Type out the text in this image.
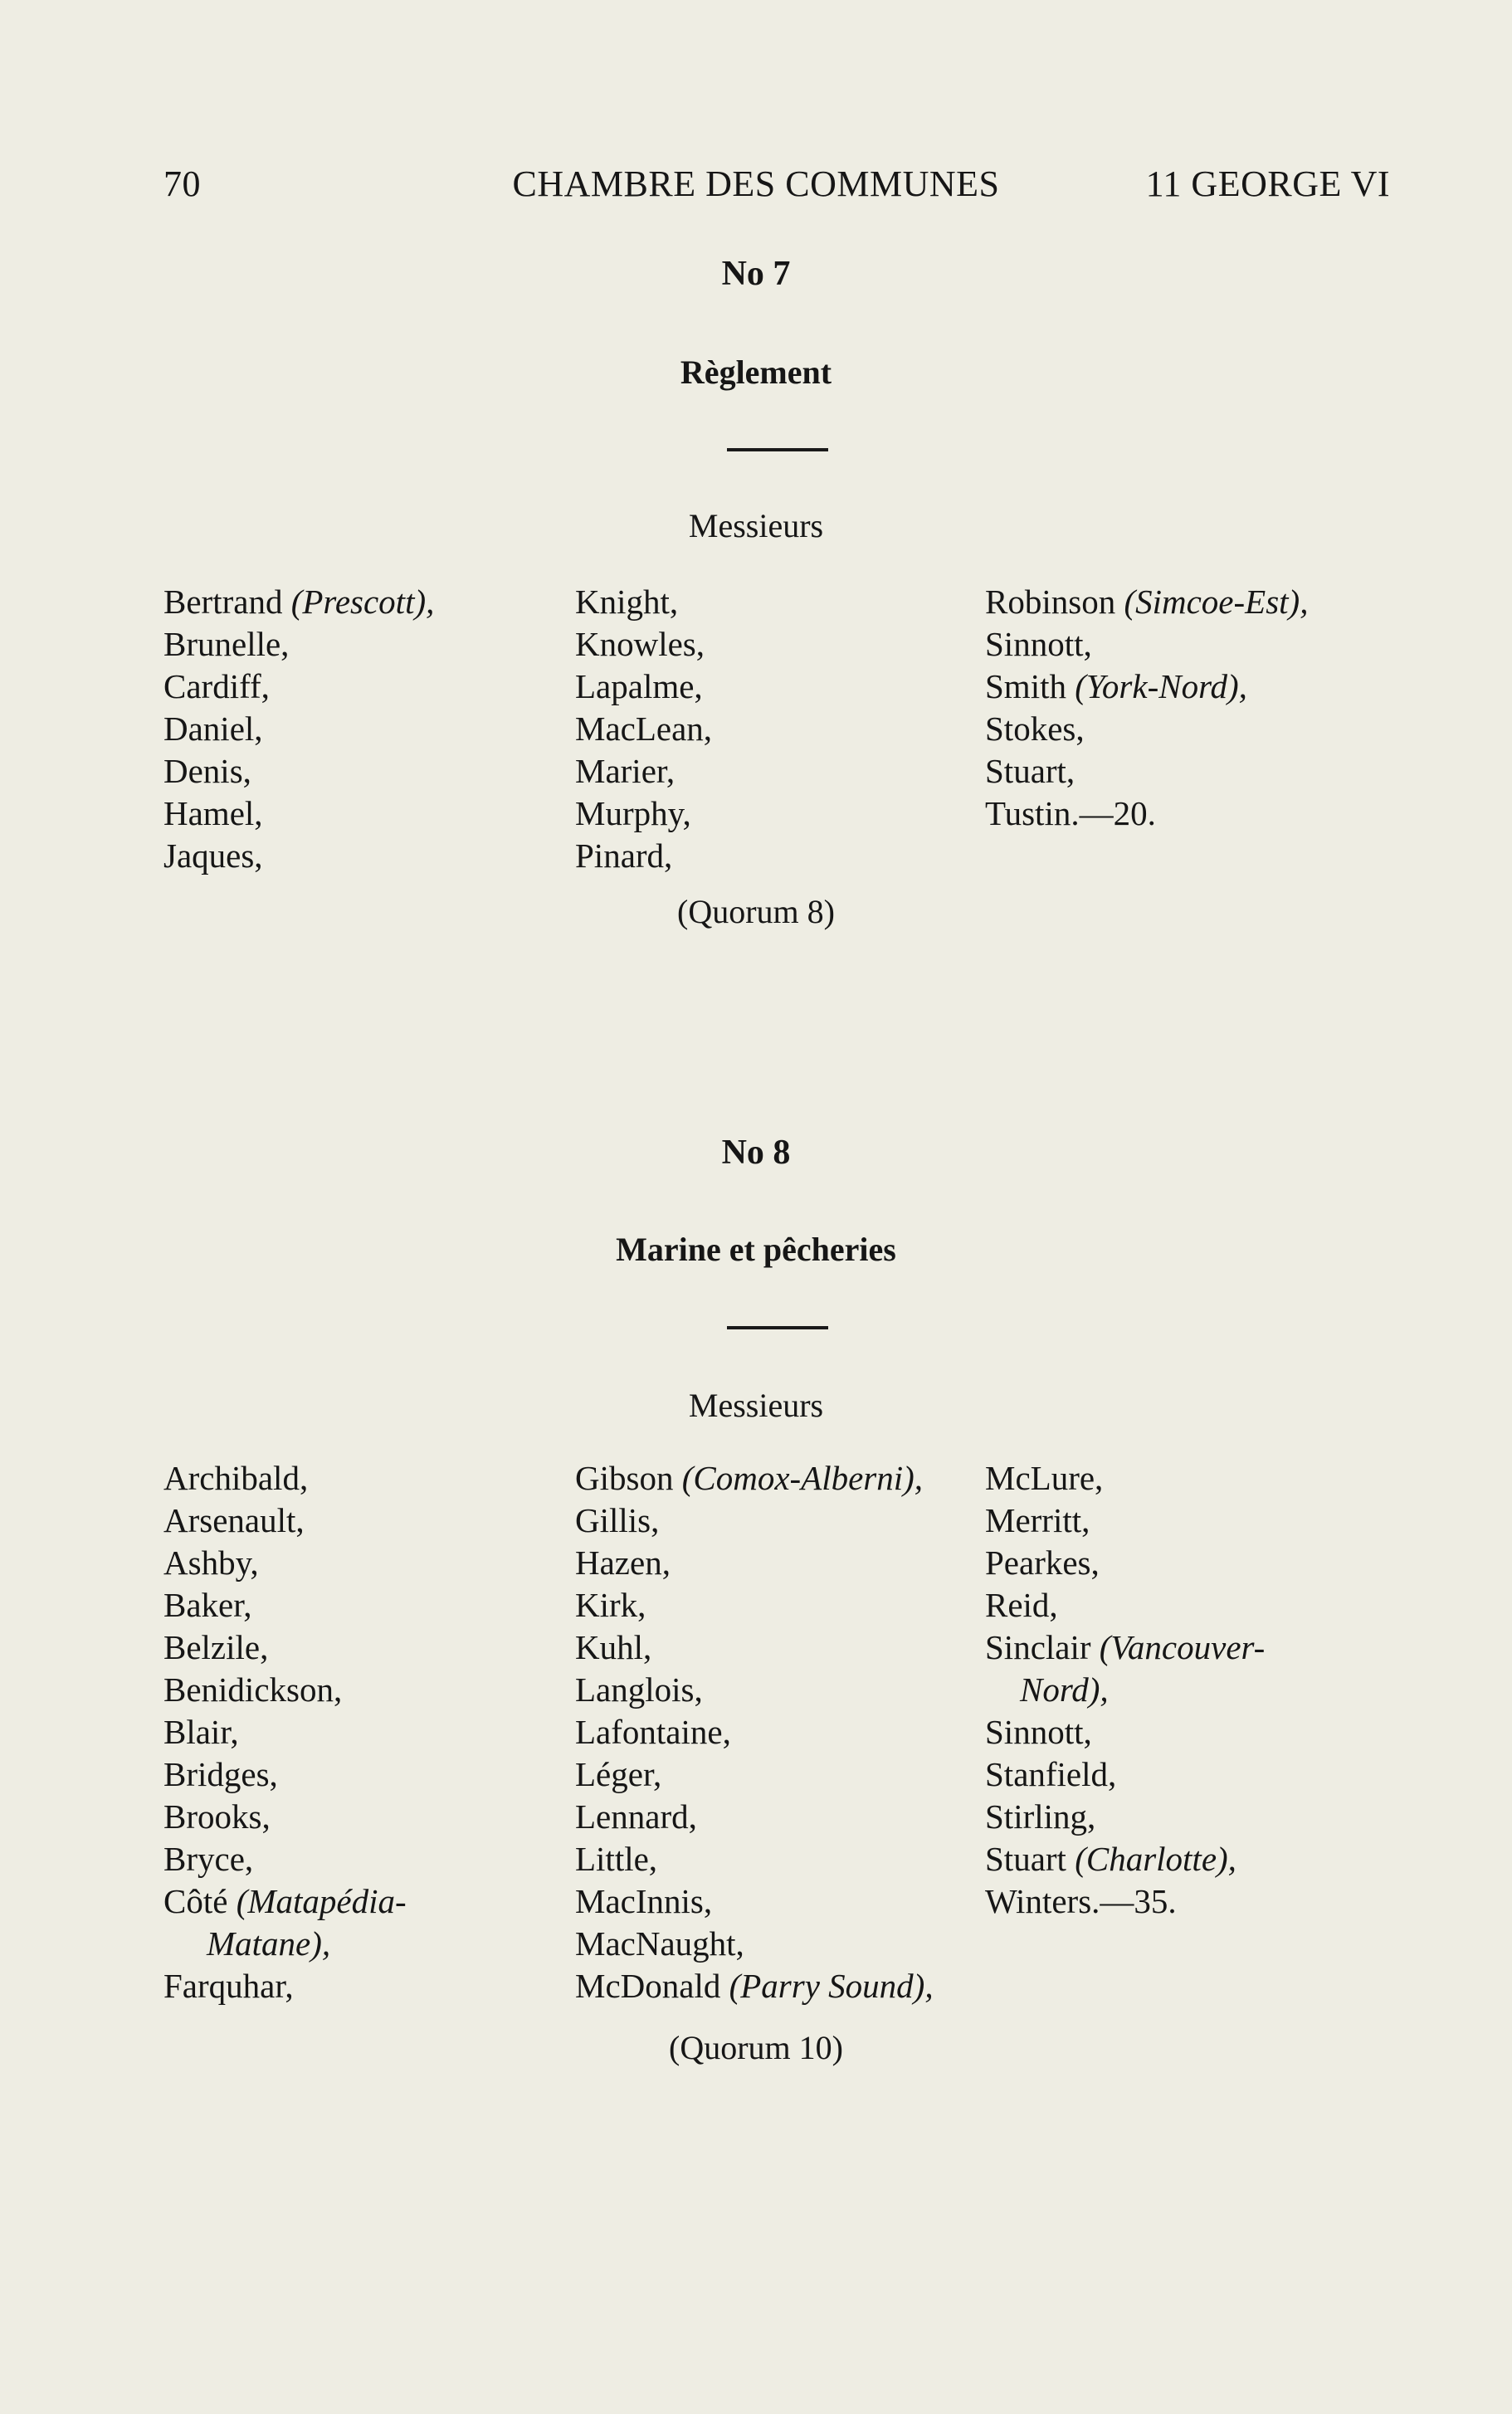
70	CHAMBRE DES COMMUNES	11 GEORGE VI
No 7
Règlement
Messieurs
Bertrand (Prescott),
Brunelle,
Cardiff,
Daniel,
Denis,
Hamel,
Jaques,
Knight,
Knowles,
Lapalme,
MacLean,
Marier,
Murphy,
Pinard,
Robinson (Simcoe-Est),
Sinnott,
Smith (York-Nord),
Stokes,
Stuart,
Tustin.—20.
(Quorum 8)
No 8
Marine et pêcheries
Messieurs
Archibald,
Arsenault,
Ashby,
Baker,
Belzile,
Benidickson,
Blair,
Bridges,
Brooks,
Bryce,
Côté (Matapédia-
Matane),
Farquhar,
Gibson (Comox-Alberni),
Gillis,
Hazen,
Kirk,
Kuhl,
Langlois,
Lafontaine,
Léger,
Lennard,
Little,
MacInnis,
MacNaught,
McDonald (Parry Sound),
McLure,
Merritt,
Pearkes,
Reid,
Sinclair (Vancouver-
Nord),
Sinnott,
Stanfield,
Stirling,
Stuart (Charlotte),
Winters.—35.
(Quorum 10)
